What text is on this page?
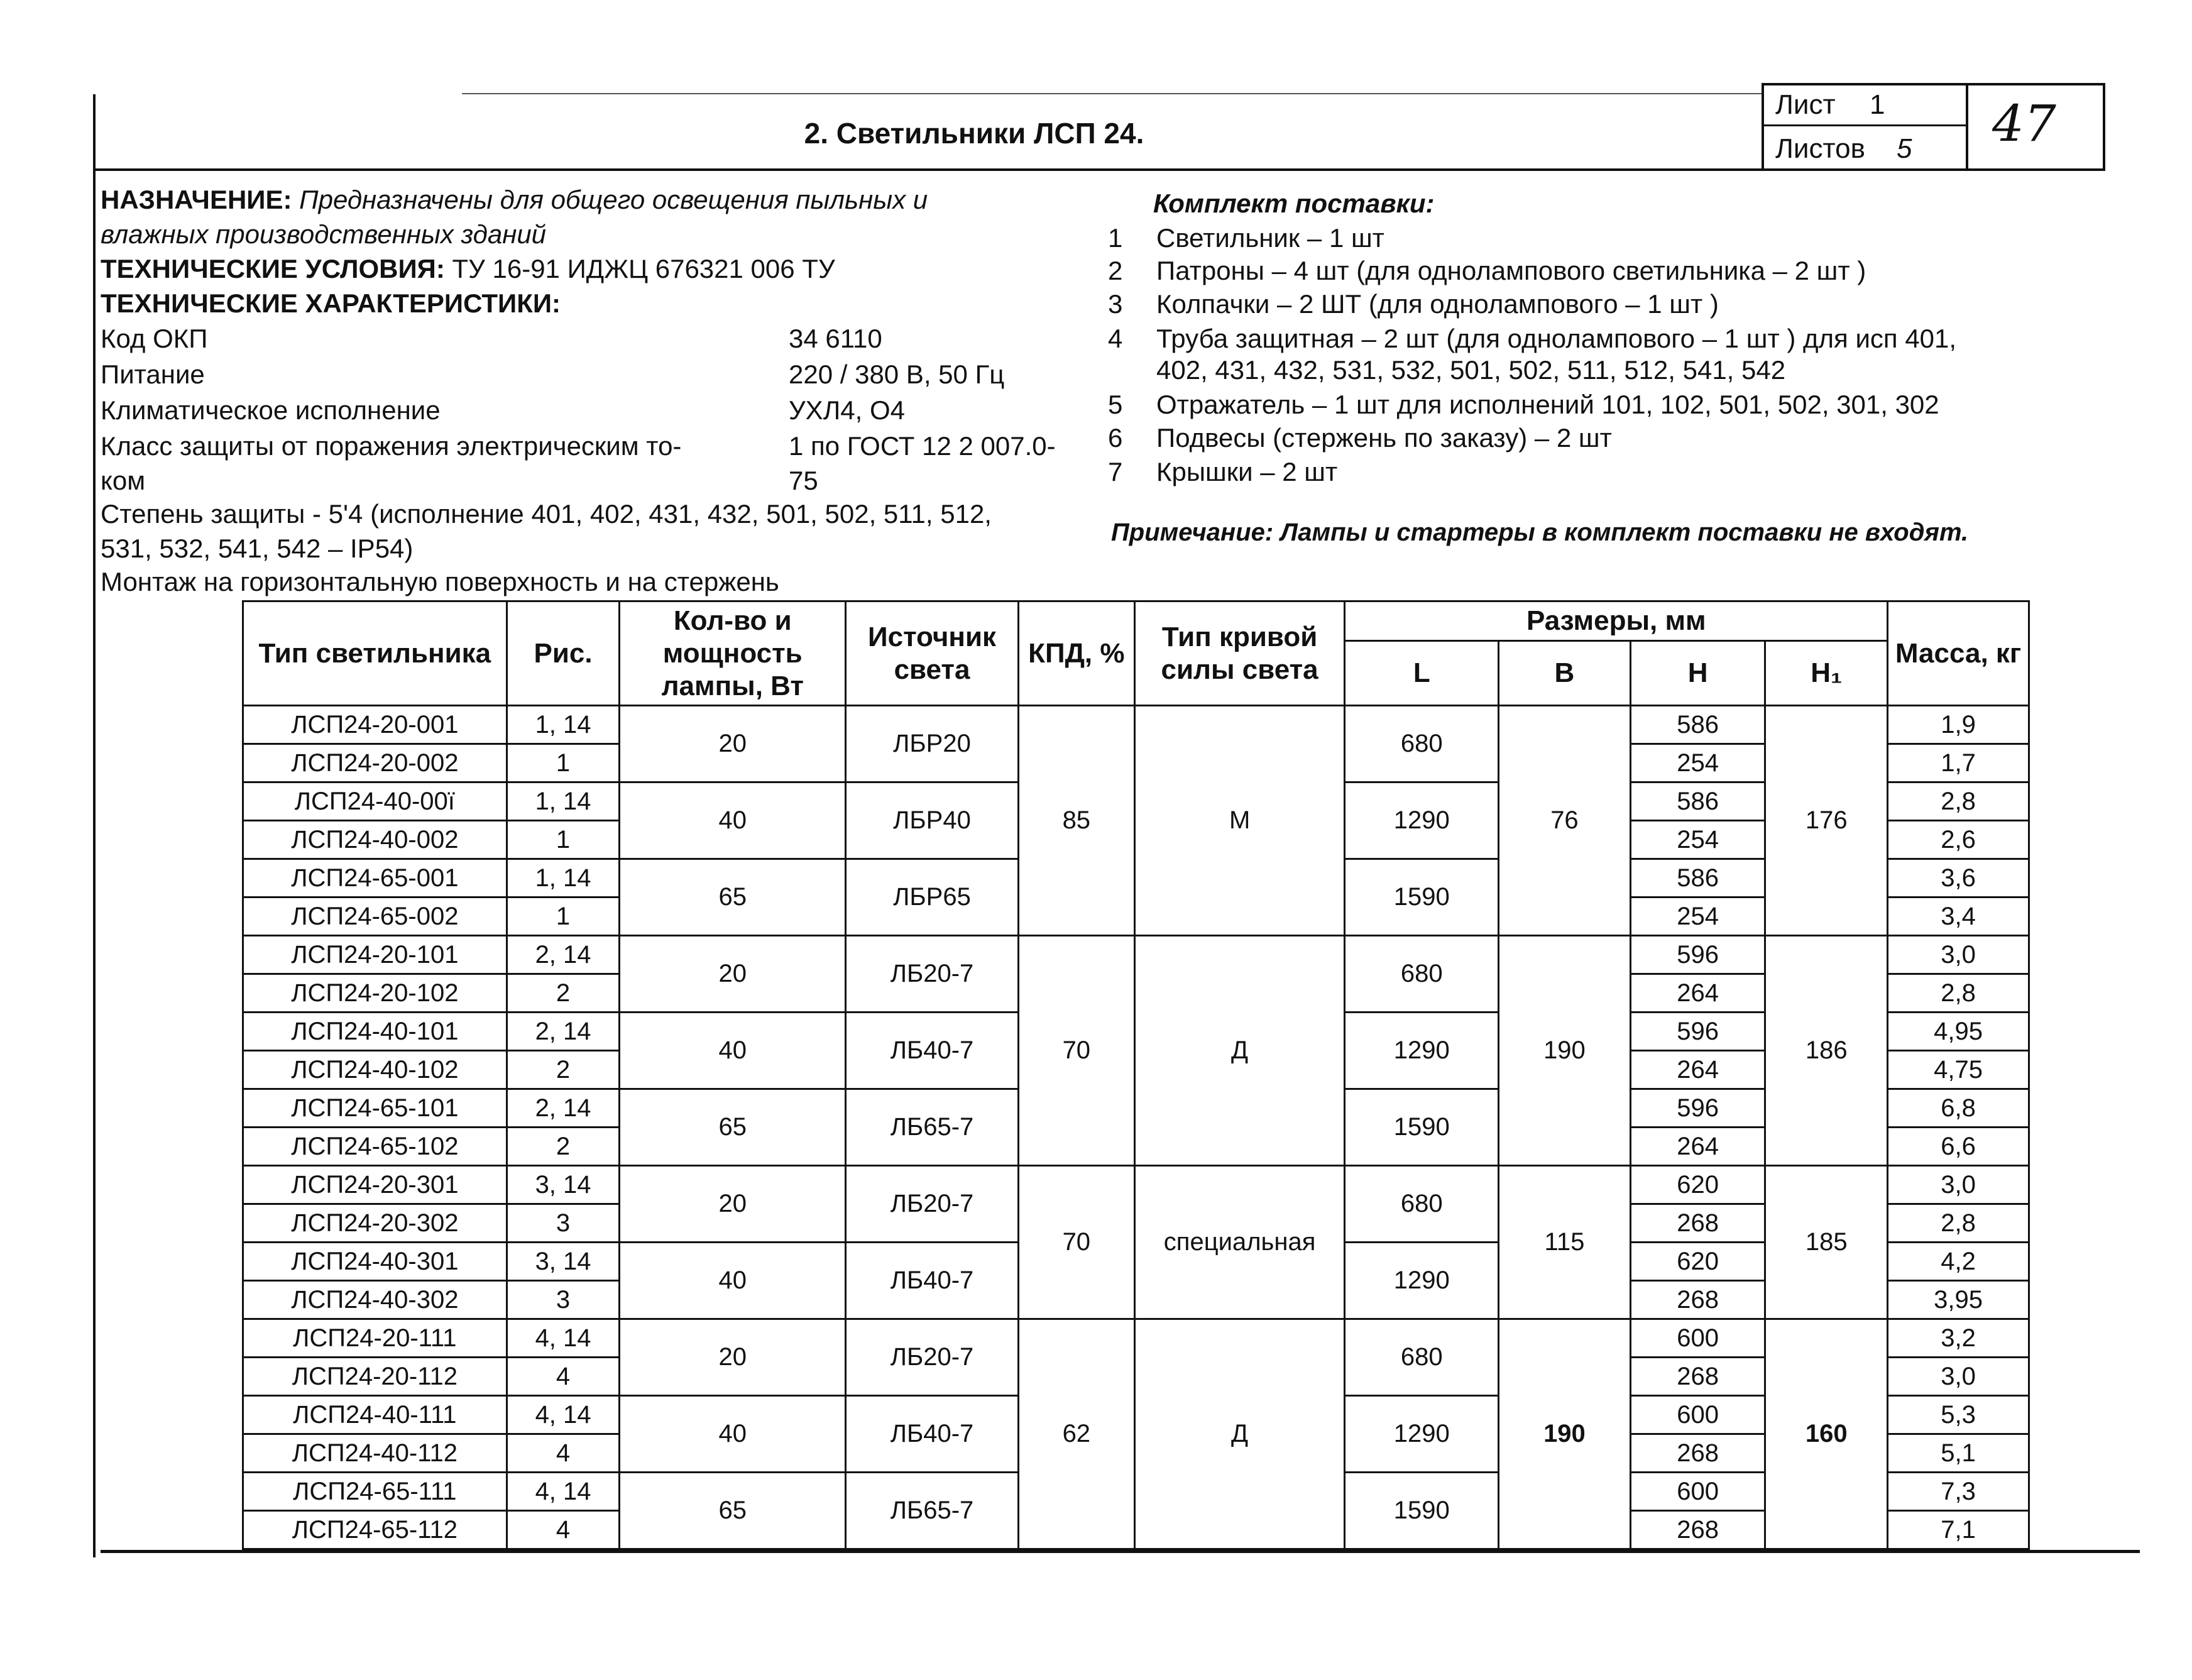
2. Светильники ЛСП 24.
Лист 1
Листов 5 47
НАЗНАЧЕНИЕ: Предназначены для общего освещения пыльных и
влажных производственных зданий
ТЕХНИЧЕСКИЕ УСЛОВИЯ: ТУ 16-91 ИДЖЦ 676321 006 ТУ
ТЕХНИЧЕСКИЕ ХАРАКТЕРИСТИКИ:
Код ОКП	34 6110
Питание	220 / 380 В, 50 Гц
Климатическое исполнение	УХЛ4, О4
Класс защиты от поражения электрическим то-	1 по ГОСТ 12 2 007.0-
ком	75
Степень защиты - 5'4 (исполнение 401, 402, 431, 432, 501, 502, 511, 512,
531, 532, 541, 542 – IP54)
Монтаж на горизонтальную поверхность и на стержень
Комплект поставки:
1 Светильник – 1 шт
2 Патроны – 4 шт (для однолампового светильника – 2 шт )
3 Колпачки – 2 ШТ (для одноламповогo – 1 шт )
4 Труба защитная – 2 шт (для однолампового – 1 шт ) для исп 401,
402, 431, 432, 531, 532, 501, 502, 511, 512, 541, 542
5 Отражатель – 1 шт для исполнений 101, 102, 501, 502, 301, 302
6 Подвесы (стержень по заказу) – 2 шт
7 Крышки – 2 шт
Примечание: Лампы и стартеры в комплект поставки не входят.
Тип светильника	Рис.	Кол-во и мощность лампы, Вт	Источник света	КПД, %	Тип кривой силы света	Размеры, мм				Масса, кг
						L	В	Н	Н₁	
ЛСП24-20-001	1, 14	20	ЛБР20	85	М	680	76	586	176	1,9
ЛСП24-20-002	1							254		1,7
ЛСП24-40-00ї	1, 14	40	ЛБР40			1290		586		2,8
ЛСП24-40-002	1							254		2,6
ЛСП24-65-001	1, 14	65	ЛБР65			1590		586		3,6
ЛСП24-65-002	1							254		3,4
ЛСП24-20-101	2, 14	20	ЛБ20-7	70	Д	680	190	596	186	3,0
ЛСП24-20-102	2							264		2,8
ЛСП24-40-101	2, 14	40	ЛБ40-7			1290		596		4,95
ЛСП24-40-102	2							264		4,75
ЛСП24-65-101	2, 14	65	ЛБ65-7			1590		596		6,8
ЛСП24-65-102	2							264		6,6
ЛСП24-20-301	3, 14	20	ЛБ20-7	70	специальная	680	115	620	185	3,0
ЛСП24-20-302	3							268		2,8
ЛСП24-40-301	3, 14	40	ЛБ40-7			1290		620		4,2
ЛСП24-40-302	3							268		3,95
ЛСП24-20-111	4, 14	20	ЛБ20-7	62	Д	680	190	600	160	3,2
ЛСП24-20-112	4							268		3,0
ЛСП24-40-111	4, 14	40	ЛБ40-7			1290		600		5,3
ЛСП24-40-112	4							268		5,1
ЛСП24-65-111	4, 14	65	ЛБ65-7			1590		600		7,3
ЛСП24-65-112	4							268		7,1
